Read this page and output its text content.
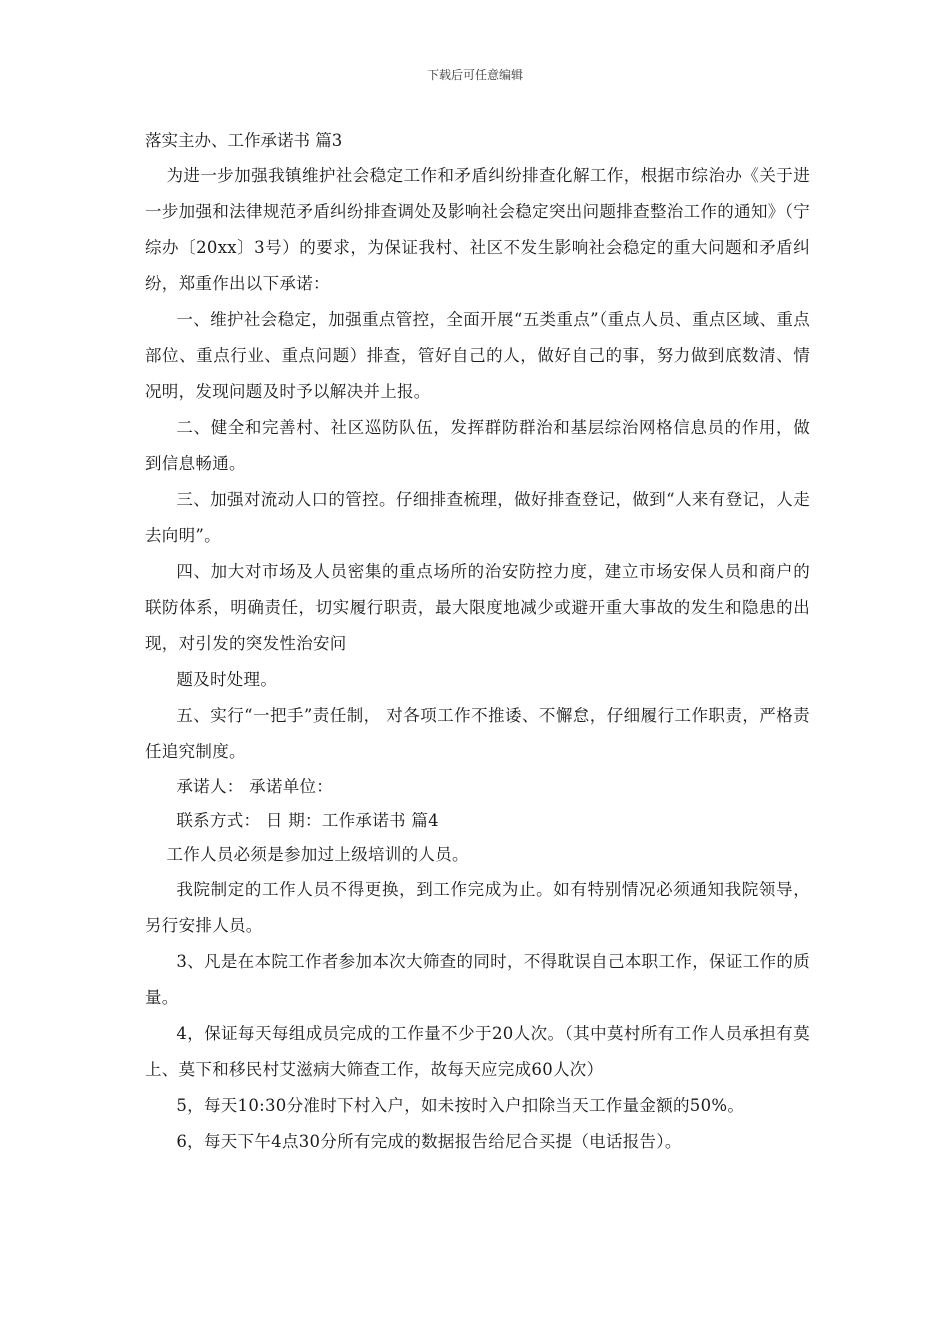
下载后可任意编辑

落实主办、工作承诺书 篇3

为进一步加强我镇维护社会稳定工作和矛盾纠纷排查化解工作，根据市综治办《关于进一步加强和法律规范矛盾纠纷排查调处及影响社会稳定突出问题排查整治工作的通知》（宁综办〔20xx〕3号）的要求，为保证我村、社区不发生影响社会稳定的重大问题和矛盾纠纷，郑重作出以下承诺：

一、维护社会稳定，加强重点管控，全面开展“五类重点”（重点人员、重点区域、重点部位、重点行业、重点问题）排查，管好自己的人，做好自己的事，努力做到底数清、情况明，发现问题及时予以解决并上报。

二、健全和完善村、社区巡防队伍，发挥群防群治和基层综治网格信息员的作用，做到信息畅通。

三、加强对流动人口的管控。仔细排查梳理，做好排查登记，做到“人来有登记，人走去向明”。

四、加大对市场及人员密集的重点场所的治安防控力度，建立市场安保人员和商户的联防体系，明确责任，切实履行职责，最大限度地减少或避开重大事故的发生和隐患的出现，对引发的突发性治安问

题及时处理。

五、实行“一把手”责任制， 对各项工作不推诿、不懈怠，仔细履行工作职责，严格责任追究制度。

承诺人： 承诺单位：

联系方式： 日 期：工作承诺书 篇4

工作人员必须是参加过上级培训的人员。

我院制定的工作人员不得更换，到工作完成为止。如有特别情况必须通知我院领导，另行安排人员。

3、凡是在本院工作者参加本次大筛查的同时，不得耽误自己本职工作，保证工作的质量。

4，保证每天每组成员完成的工作量不少于20人次。（其中莫村所有工作人员承担有莫上、莫下和移民村艾滋病大筛查工作，故每天应完成60人次）

5，每天10:30分准时下村入户，如未按时入户扣除当天工作量金额的50%。

6，每天下午4点30分所有完成的数据报告给尼合买提（电话报告）。
